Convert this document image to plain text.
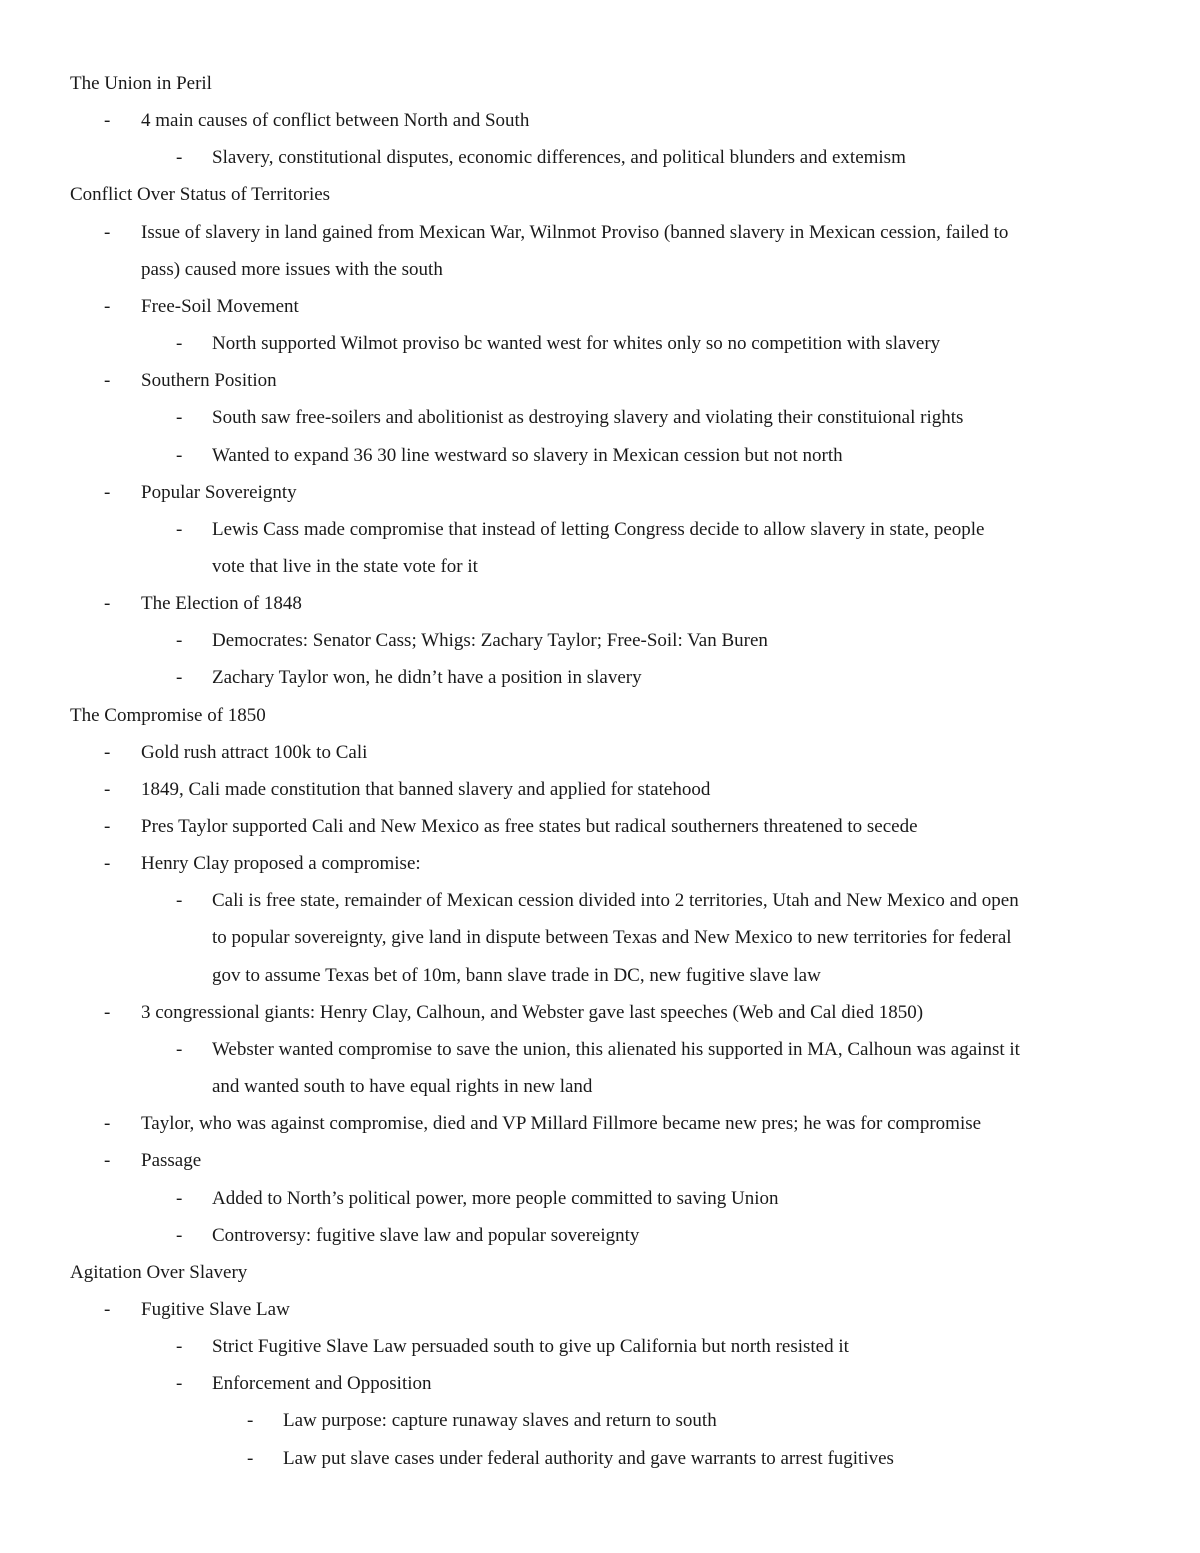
The Union in Peril
- 4 main causes of conflict between North and South
- Slavery, constitutional disputes, economic differences, and political blunders and extemism
Conflict Over Status of Territories
- Issue of slavery in land gained from Mexican War, Wilnmot Proviso (banned slavery in Mexican cession, failed to
pass) caused more issues with the south
- Free-Soil Movement
- North supported Wilmot proviso bc wanted west for whites only so no competition with slavery
- Southern Position
- South saw free-soilers and abolitionist as destroying slavery and violating their constituional rights
- Wanted to expand 36 30 line westward so slavery in Mexican cession but not north
- Popular Sovereignty
- Lewis Cass made compromise that instead of letting Congress decide to allow slavery in state, people
vote that live in the state vote for it
- The Election of 1848
- Democrates: Senator Cass; Whigs: Zachary Taylor; Free-Soil: Van Buren
- Zachary Taylor won, he didn’t have a position in slavery
The Compromise of 1850
- Gold rush attract 100k to Cali
- 1849, Cali made constitution that banned slavery and applied for statehood
- Pres Taylor supported Cali and New Mexico as free states but radical southerners threatened to secede
- Henry Clay proposed a compromise:
- Cali is free state, remainder of Mexican cession divided into 2 territories, Utah and New Mexico and open
to popular sovereignty, give land in dispute between Texas and New Mexico to new territories for federal
gov to assume Texas bet of 10m, bann slave trade in DC, new fugitive slave law
- 3 congressional giants: Henry Clay, Calhoun, and Webster gave last speeches (Web and Cal died 1850)
- Webster wanted compromise to save the union, this alienated his supported in MA, Calhoun was against it
and wanted south to have equal rights in new land
- Taylor, who was against compromise, died and VP Millard Fillmore became new pres; he was for compromise
- Passage
- Added to North’s political power, more people committed to saving Union
- Controversy: fugitive slave law and popular sovereignty
Agitation Over Slavery
- Fugitive Slave Law
- Strict Fugitive Slave Law persuaded south to give up California but north resisted it
- Enforcement and Opposition
- Law purpose: capture runaway slaves and return to south
- Law put slave cases under federal authority and gave warrants to arrest fugitives
